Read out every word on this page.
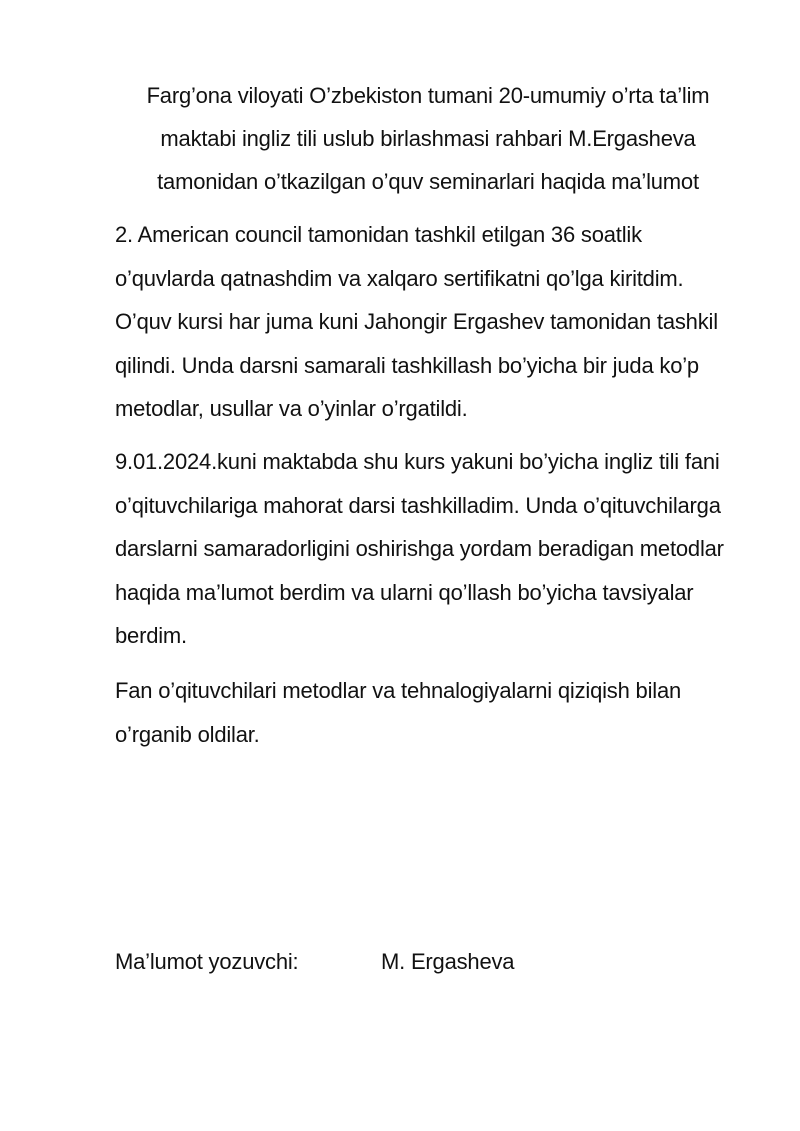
Farg’ona viloyati O’zbekiston tumani 20-umumiy o’rta ta’lim
maktabi ingliz tili uslub birlashmasi rahbari M.Ergasheva
tamonidan o’tkazilgan o’quv seminarlari haqida ma’lumot
2. American council tamonidan tashkil etilgan 36 soatlik
o’quvlarda qatnashdim va xalqaro sertifikatni qo’lga kiritdim.
O’quv kursi har juma kuni Jahongir Ergashev tamonidan tashkil
qilindi. Unda darsni samarali tashkillash bo’yicha bir juda ko’p
metodlar, usullar va o’yinlar o’rgatildi.
9.01.2024.kuni maktabda shu kurs yakuni bo’yicha ingliz tili fani
o’qituvchilariga mahorat darsi tashkilladim. Unda o’qituvchilarga
darslarni samaradorligini oshirishga yordam beradigan metodlar
haqida ma’lumot berdim va ularni qo’llash bo’yicha tavsiyalar
berdim.
Fan o’qituvchilari metodlar va tehnalogiyalarni qiziqish bilan
o’rganib oldilar.
Ma’lumot yozuvchi:	M. Ergasheva
